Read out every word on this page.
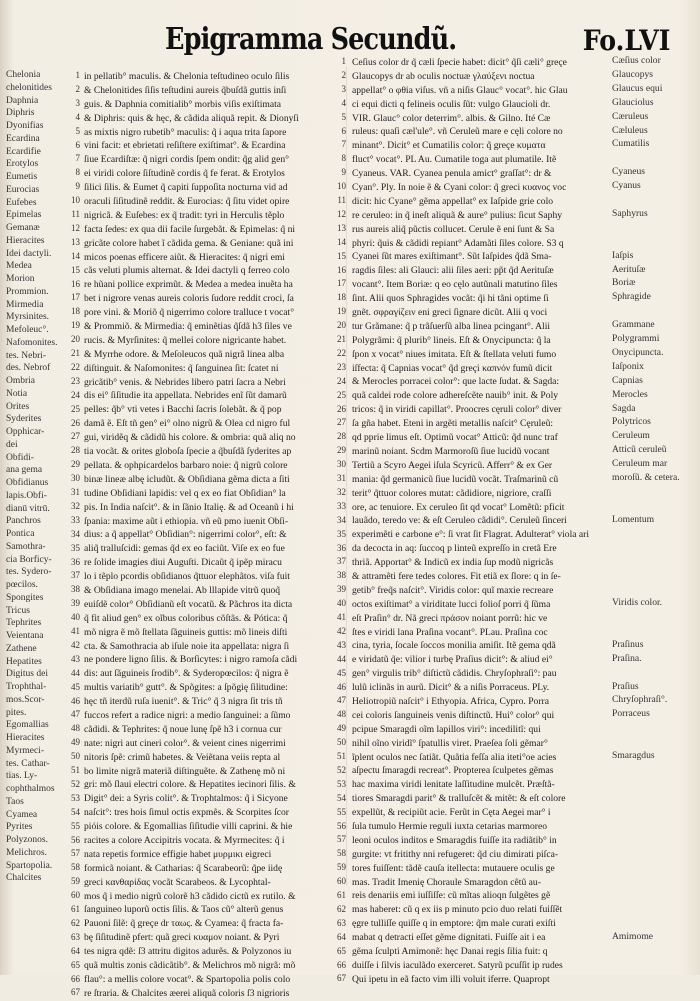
Epigramma Secundũ.	Fo.LVI
Chelonia
chelonitides
Daphnia
Diphris
Dyonifias
Ecardina
Ecardifie
Erotylos
Eumetis
Eurocias
Eufebes
Epimelas
Gemanæ
Hieracites
Idei dactyli.
Medea
Morion
Prommion.
Mirmedia
Myrsinites.
Mefoleuc°.
Nafomonites.
tes. Nebri-
des. Nebrof
Ombria
Notia
Orites
Syderites
Opphicar-
dei
Obfidi-
ana gema
Obfidianus
lapis.Obfi-
dianū vitrū.
Panchros
Pontica
Samothra-
cia Borficy-
tes. Sydero-
pœcilos.
Spongites
Tricus
Tephrites
Veientana
Zathene
Hepatites
Digitus dei
Trophthal-
mos.Scor-
pites.
Egomallias
Hieracites
Myrmeci-
tes. Cathar-
tias. Ly-
cophthalmos
Taos
Cyamea
Pyrites
Polyzonos.
Melichros.
Spartopolia.
Chalcites
1
2
3
4
5
6
7
8
9
10
11
12
13
14
15
16
17
18
19
20
21
22
23
24
25
26
27
28
29
30
31
32
33
34
35
36
37
38
39
40
41
42
43
44
45
46
47
48
49
50
51
52
53
54
55
56
57
58
59
60
61
62
63
64
65
66
67
in pellatib° maculis. & Chelonia teſtudineo oculo ſilis
& Chelonitides ſiſis teſtudini aureis q̃buſdã guttis inſi
guis. & Daphnia comitialib° morbis viſis exiſtimata
& Diphris: quis & hęc, & cãdida aliquã repit. & Dionyſi
as mixtis nigro rubetib° maculis: q̃ i aqua trita ſapore
vini facit: et ebrietati reſiſtere exiſtimat°. & Ecardina
ſiue Ecardiſtæ: q̃ nigri cordis ſpem ondit: q̃g alid gen°
ei viridi colore ſiſtudinẽ cordis q̃ fe ferat. & Erotylos
ſilici ſilis. & Eumet q̃ capiti ſuppoſita nocturna vid ad
oraculi ſiſitudinẽ reddit. & Eurocias: q̃ ſitu videt opire
nigricã. & Euſebes: ex q̃ tradit: tyri in Herculis tẽplo
facta ſedes: ex qua dii facile ſurgebãt. & Epimelas: q̃ ni
gricãte colore habet ĩ cãdida gema. & Geniane: quã ini
micos poenas efficere aiũt. & Hieracites: q̃ nigri emi
cãs veluti plumis alternat. & Idei dactyli q ferreo colo
re hũani pollice exprimũt. & Medea a medea inuẽta ha
bet i nigrore venas aureis coloris ſudore reddit croci, ſa
pore vini. & Moriõ q̃ nigerrimo colore tralluce t vocat°
& Prommiõ. & Mirmedia: q̃ eminẽtias q̃ſdã h3 ſiles ve
rucis. & Myrſinites: q̃ mellei colore nigricante habet.
& Myrrhe odore. & Meſoleucos quã nigrã linea alba
diſtinguit. & Naſomonites: q̃ ſanguinea ſit: ſcatet ni
gricãtib° venis. & Nebrides libero patri ſacra a Nebri
dis ei° ſiſitudie ita appellata. Nebrides enĩ ſũt damarũ
pelles: q̃b° vti vetes i Bacchi ſacris ſolebãt. & q̃ pop
damã ẽ. Eſt tñ gen° ei° olno nigrũ & Olea cd nigro ful
gui, viridẽq & cãdidũ his colore. & ombria: quã aliq no
tia vocãt. & orites globoſa ſpecie a q̃buſdã ſyderites ap
pellata. & ophpicardelos barbaro noie: q̃ nigrũ colore
binæ lineæ albę icludũt. & Obſidiana gẽma dicta a ſiti
tudine Obſidiani lapidis: vel q ex eo fiat Obſidian° la
pis. In India naſcit°. & in ſãnio Italię. & ad Oceanũ i hi
ſpania: maxime aũt i ethiopia. vñ eũ pmo iuenit Obſi-
dius: a q̃ appellat° Obſidian°: nigerrimi color°, eſt: &
aliq̃ tralluſcidi: gemas q̃d ex eo faciũt. Viſe ex eo fue
re ſolide imagies diui Auguſti. Dicaũt q̃ ipẽp miracu
lo i tẽplo pcordis obſidianos q̃ttuor elephãtos. viſa fuit
& Obſidiana imago menelai. Ab lllapide vitrũ quoq̃
euiſdẽ color° Obſidianũ eſt vocatũ. & Pãchros ita dicta
q̃ fit aliud gen° ex oĩbus coloribus cõſtãs. & Pótica: q̃
mõ nigra ẽ mõ ſtellata ſãguineis guttis: mõ lineis diſti
cta. & Samothracia ab iſule noie ita appellata: nigra ſi
ne pondere ligno ſilis. & Borſicytes: i nigro ramoſa cãdi
dis: aut ſãguineis ſrodib°. & Syderopœcilos: q̃ nigra ẽ
multis variatib° gutt°. & Spõgites: a ſpõgię ſilitudine:
hęc tñ iterdũ ruſa iuenit°. & Tric° q̃ 3 nigra ſit tris tñ
fuccos refert a radice nigri: a medio ſanguinei: a ſũmo
cãdidi. & Tephrites: q̃ noue lunę ſpẽ h3 i cornua cur
nate: nigri aut cineri color°. & veient cines nigerrimi
nitoris ſpẽ: crimũ habetes. & Veiẽtana veiis repta al
bo limite nigrã materiã diſtinguẽte. & Zathenę mõ ni
gri: mõ ſlaui electri colore. & Hepatites iecinori ſilis. &
Digit° dei: a Syris colit°. & Trophtalmos: q̃ i Sicyone
naſcit°: tres hois ſimul octis expmẽs. & Scorpites ſcor
pióis colore. & Egomallias ſiſitudie villi caprini. & hie
racites a colore Accipitris vocata. & Myrmecites: q̃ i
nata repetis formice effigie habet μυρμικι eigreci
formicã noiant. & Catharias: q̃ Scarabeorũ: q̃pe iidę
greci κανθαρίδας vocãt Scarabeos. & Lycophtal-
mos q̃ i medio nigrũ colorẽ h3 cãdido cictũ ex rutilo. &
ſanguineo luporũ octis ſilis. & Taos cũ° alterũ genus
Pauoni ſilẽ: q̃ greçe dr ταως. & Cyamea: q̃ fracta fa-
bę ſiſitudinẽ pfert: quã greci κυαμον noiant. & Pyri
tes nigra qdẽ: ſ3 attritu digitos adurẽs. & Polyzonos iu
quã multis zonis cãdicãtib°. & Melichros mõ nigrã: mõ
flau°: a mellis colore vocat°. & Spartopolia polis colo
re ſtraria. & Chalcites æerei aliquã coloris ſ3 nigrioris
1
2
3
4
5
6
7
8
9
10
11
12
13
14
15
16
17
18
19
20
21
22
23
24
25
26
27
28
29
30
31
32
33
34
35
36
37
38
39
40
41
42
43
44
45
46
47
48
49
50
51
52
53
54
55
56
57
58
59
60
61
62
63
64
65
66
67
Ceſius color dr q̃ cæli ſpecie habet: dicit° q̃ſi cæli° greçe
Glaucopys dr ab oculis noctuæ γλαύξενι noctua
appellat° o φθia viſus. vñ a niſis Glauc° vocat°. hic Glau
ci equi dicti q felineis oculis ſũt: vulgo Glaucioli dr.
VIR. Glauc° color deterrim°. albis. & Gilno. Ité Cæ
ruleus: quaſi cæl'ule°. vñ Ceruleũ mare e cęli colore no
minant°. Dicit° et Cumatilis color: q̃ greçe κυματα
fluct° vocat°. PL Au. Cumatile toga aut plumatile. Itẽ
Cyaneus. VAR. Cyanea penula amict° graſſat°: dr &
Cyan°. Ply. In noie ẽ & Cyani color: q̃ greci κυανος voc
dicit: hic Cyane° gẽma appellat° ex Iaſpide grie colo
re ceruleo: in q̃ ineſt aliquã & aure° pulius: ſicut Saphy
rus aureis aliq̃ pũctis collucet. Cerule ẽ eni ſunt & Sa
phyri: q̃uis & cãdidi repiant° Adamãti ſiles colore. S3 q
Cyanei ſũt mares exiſtimant°. Sũt Iaſpides q̃dã Sma-
ragdis ſiles: ali Glauci: alii ſiles aeri: pp̃t q̃d Aerituſæ
vocant°. Item Boriæ: q eo cęlo autũnali matutino ſiles
ſint. Alii quos Sphragides vocãt: q̃i hi tãni optime ſi
gnẽt. σφραγίζειν eni greci ſignare dicũt. Alii q voci
tur Grãmane: q̃ p trãſuerſũ alba linea pcingant°. Alii
Polygrãmi: q̃ plurib° lineis. Eſt & Onycipuncta: q̃ la
ſpon x vocat° niues imitata. Eſt & ſtellata veluti fumo
iſfecta: q̃ Capnias vocat° q̃d greçi καπνόν fumũ dicit
& Merocles porracei color°: que lacte ſudat. & Sagda:
quã caldei rode colore adhereſcẽte nauib° init. & Poly
tricos: q̃ in viridi capillat°. Proocres cęruli color° diver
ſa gña habet. Eteni in argẽti metallis naſcit° Cęruleũ:
qd pprie limus eſt. Optimũ vocat° Atticũ: q̃d nunc traf
marinũ noiant. Scdm Marmoroſũ ſiue lucidũ vocant
Tertiũ a Scyro Aegei iſula Scyricũ. Afferr° & ex Ger
mania: q̃d germanicũ ſiue lucidũ vocãt. Traſmarinũ cũ
terit° q̃ttuor colores mutat: cãdidiore, nigriore, craſſi
ore, ac tenuiore. Ex ceruleo ſit qd vocat° Lomẽtũ: pficit
lauãdo, teredo ve: & eſt Ceruleo cãdidi°. Ceruleũ ſinceri
experimẽti e carbone e°: ſi vrat ſit Flagrat. Adulterat° viola ari
da decocta in aq: ſuccoq p linteũ expreſſo in cretã Ere
thriã. Apportat° & Indicũ ex india ſup modũ nigricãs
& attramẽti fere tedes colores. Fit etiã ex ſlore: q in ſe-
getib° freq̃s naſcit°. Viridis color: quĩ maxie recreare
octos exiſtimat° a viriditate lucci folioſ porri q̃ ſũma
eſt Praſin° dr. Nã greci πράσον noiant porrũ: hic ve
ſtes e viridi lana Praſina vocant°. PLau. Praſina coc
cina, tyria, ſocale ſoccos monilia amiſit. Itẽ gema qdã
e viridatũ q̃e: vilior i turbę Praſius dicit°: & aliud ei°
gen° virgulis trib° diſtictũ cãdidis. Chryſophraſi°: pau
lulũ iclinãs in aurũ. Dicit° & a niſis Porraceus. PLy.
Heliotropiũ naſcit° i Ethyopia. Africa, Cypro. Porra
cei coloris ſanguineis venis diſtinctũ. Hui° color° qui
pcipue Smaragdi oĩm lapillos viri°: incedilitĩ: qui
nihil oĩno viridĩ° ſpatullis viret. Praeſea ſoli gẽmar°
ĩplent oculos nec ſatiãt. Quãtia feſſa alia iteti°oe acies
aſpectu ſmaragdi recreat°. Propterea ſculpetes gẽmas
hac maxima viridi lenitate laſſitudine mulcẽt. Præſtã-
tiores Smaragdi parit° & tralluſcẽt & mitẽt: & eſt colore
expellũt, & recipiũt acie. Ferũt in Cęta Aegei mar° i
ſula tumulo Hermie reguli iuxta cetarias marmoreo
leoni oculos inditos e Smaragdis fuiſſe ita radiãtib° in
gurgite: vt fritithy nni refugeret: q̃d ciu dimirati piſca-
tores fuiſſent: tãdẽ cauſa itellecta: mutauere oculis ge
mas. Tradit Imenię Choraule Smaragdon cẽtũ au-
reis denariis emi iuſſiſſe: cũ mĩtas alioqn ſulgẽtes gẽ
mas haberet: cũ q ex iis p minuto pcio duo relati fuiſſẽt
ęgre tulliſſe quiſſe q in emptore: q̃m male curati exiſti
mabat q detracti eſſet gẽme dignitati. Fuiſſe ait i ea
gẽma ſculpti Amimonẽ: hęc Danai regis ſilia fuit: q
duiſſe i ſilvis iaculãdo exerceret. Satyrũ pcuſſit ip rudes
Qui ipetu in eã facto vim illi voluit iferre. Quapropt
Cæſius color
Glaucopys
Glaucus equi
Glauciolus
Cæruleus
Cæluleus
Cumatilis
Cyaneus
Cyanus
Saphyrus
Iaſpis
Aerituſæ
Boriæ
Sphragide
Grammane
Polygrammi
Onycipuncta.
Iaſponix
Capnias
Merocles
Sagda
Polytricos
Ceruleum
Atticũ ceruleũ
Ceruleum mar
moroſũ. & cetera.
Lomentum
Viridis color.
Praſinus
Praſina.
Praſius
Chryſophraſi°.
Porraceus
Smaragdus
Amimome
